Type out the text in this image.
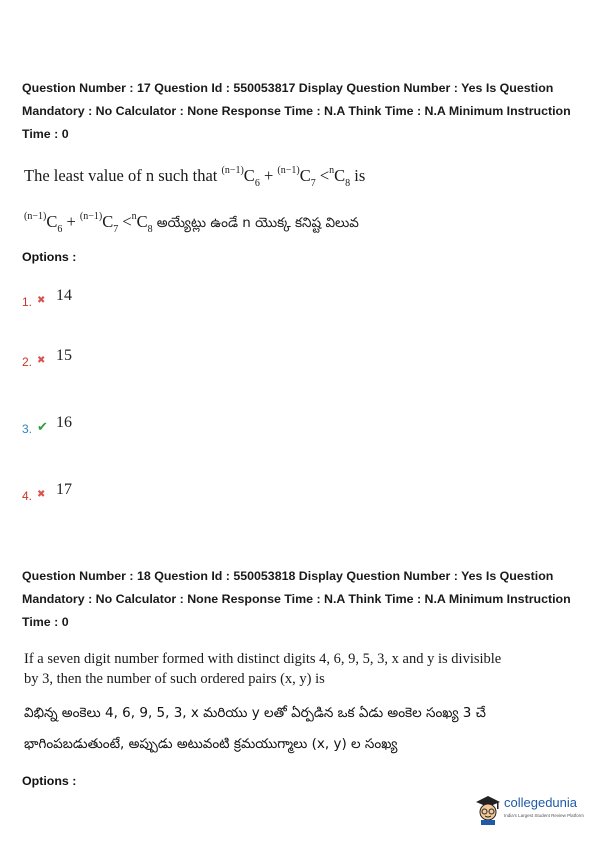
Question Number : 17 Question Id : 550053817 Display Question Number : Yes Is Question
Mandatory : No Calculator : None Response Time : N.A Think Time : N.A Minimum Instruction
Time : 0
The least value of n such that $^{(n-1)}C_6 + ^{(n-1)}C_7 <^nC_8$ is
$^{(n-1)}C_6 + ^{(n-1)}C_7 <^nC_8$ అయ్యేట్లు ఉండే n యొక్క కనిష్ట విలువ
Options :
1. ✖ 14
2. ✖ 15
3. ✔ 16
4. ✖ 17
Question Number : 18 Question Id : 550053818 Display Question Number : Yes Is Question
Mandatory : No Calculator : None Response Time : N.A Think Time : N.A Minimum Instruction
Time : 0
If a seven digit number formed with distinct digits 4, 6, 9, 5, 3, x and y is divisible
by 3, then the number of such ordered pairs (x, y) is
విభిన్న అంకెలు 4, 6, 9, 5, 3, x మరియు y లతో ఏర్పడిన ఒక ఏడు అంకెల సంఖ్య 3 చే
భాగింపబడుతుంటే, అప్పుడు అటువంటి క్రమయుగ్మాలు (x, y) ల సంఖ్య
Options :
collegedunia
India's Largest Student Review Platform
